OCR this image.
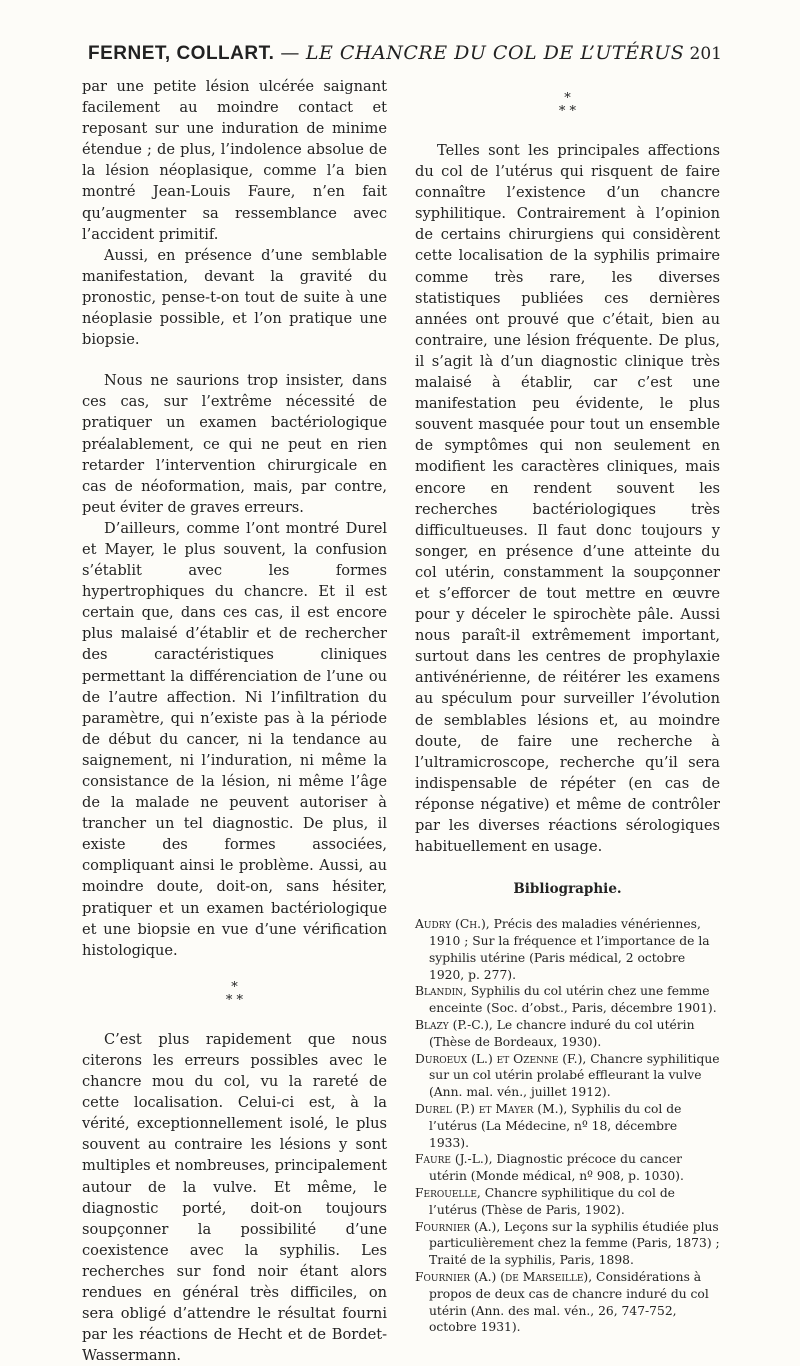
FERNET, COLLART. — LE CHANCRE DU COL DE L’UTÉRUS 201

par une petite lésion ulcérée saignant facilement au moindre contact et reposant sur une induration de minime étendue ; de plus, l’indolence absolue de la lésion néoplasique, comme l’a bien montré Jean-Louis Faure, n’en fait qu’augmenter sa ressemblance avec l’accident primitif.

Aussi, en présence d’une semblable manifestation, devant la gravité du pronostic, pense-t-on tout de suite à une néoplasie possible, et l’on pratique une biopsie.

Nous ne saurions trop insister, dans ces cas, sur l’extrême nécessité de pratiquer un examen bactériologique préalablement, ce qui ne peut en rien retarder l’intervention chirurgicale en cas de néoformation, mais, par contre, peut éviter de graves erreurs.

D’ailleurs, comme l’ont montré Durel et Mayer, le plus souvent, la confusion s’établit avec les formes hypertrophiques du chancre. Et il est certain que, dans ces cas, il est encore plus malaisé d’établir et de rechercher des caractéristiques cliniques permettant la différenciation de l’une ou de l’autre affection. Ni l’infiltration du paramètre, qui n’existe pas à la période de début du cancer, ni la tendance au saignement, ni l’induration, ni même la consistance de la lésion, ni même l’âge de la malade ne peuvent autoriser à trancher un tel diagnostic. De plus, il existe des formes associées, compliquant ainsi le problème. Aussi, au moindre doute, doit-on, sans hésiter, pratiquer et un examen bactériologique et une biopsie en vue d’une vérification histologique.

*
* *

C’est plus rapidement que nous citerons les erreurs possibles avec le chancre mou du col, vu la rareté de cette localisation. Celui-ci est, à la vérité, exceptionnellement isolé, le plus souvent au contraire les lésions y sont multiples et nombreuses, principalement autour de la vulve. Et même, le diagnostic porté, doit-on toujours soupçonner la possibilité d’une coexistence avec la syphilis. Les recherches sur fond noir étant alors rendues en général très difficiles, on sera obligé d’attendre le résultat fourni par les réactions de Hecht et de Bordet-Wassermann.

*
* *

Telles sont les principales affections du col de l’utérus qui risquent de faire connaître l’existence d’un chancre syphilitique. Contrairement à l’opinion de certains chirurgiens qui considèrent cette localisation de la syphilis primaire comme très rare, les diverses statistiques publiées ces dernières années ont prouvé que c’était, bien au contraire, une lésion fréquente. De plus, il s’agit là d’un diagnostic clinique très malaisé à établir, car c’est une manifestation peu évidente, le plus souvent masquée pour tout un ensemble de symptômes qui non seulement en modifient les caractères cliniques, mais encore en rendent souvent les recherches bactériologiques très difficultueuses. Il faut donc toujours y songer, en présence d’une atteinte du col utérin, constamment la soupçonner et s’efforcer de tout mettre en œuvre pour y déceler le spirochète pâle. Aussi nous paraît-il extrêmement important, surtout dans les centres de prophylaxie antivénérienne, de réitérer les examens au spéculum pour surveiller l’évolution de semblables lésions et, au moindre doute, de faire une recherche à l’ultramicroscope, recherche qu’il sera indispensable de répéter (en cas de réponse négative) et même de contrôler par les diverses réactions sérologiques habituellement en usage.

Bibliographie.

Audry (Ch.), Précis des maladies vénériennes, 1910 ; Sur la fréquence et l’importance de la syphilis utérine (Paris médical, 2 octobre 1920, p. 277).

Blandin, Syphilis du col utérin chez une femme enceinte (Soc. d’obst., Paris, décembre 1901).

Blazy (P.-C.), Le chancre induré du col utérin (Thèse de Bordeaux, 1930).

Duroeux (L.) et Ozenne (F.), Chancre syphilitique sur un col utérin prolabé effleurant la vulve (Ann. mal. vén., juillet 1912).

Durel (P.) et Mayer (M.), Syphilis du col de l’utérus (La Médecine, nº 18, décembre 1933).

Faure (J.-L.), Diagnostic précoce du cancer utérin (Monde médical, nº 908, p. 1030).

Ferouelle, Chancre syphilitique du col de l’utérus (Thèse de Paris, 1902).

Fournier (A.), Leçons sur la syphilis étudiée plus particulièrement chez la femme (Paris, 1873) ; Traité de la syphilis, Paris, 1898.

Fournier (A.) (de Marseille), Considérations à propos de deux cas de chancre induré du col utérin (Ann. des mal. vén., 26, 747-752, octobre 1931).
